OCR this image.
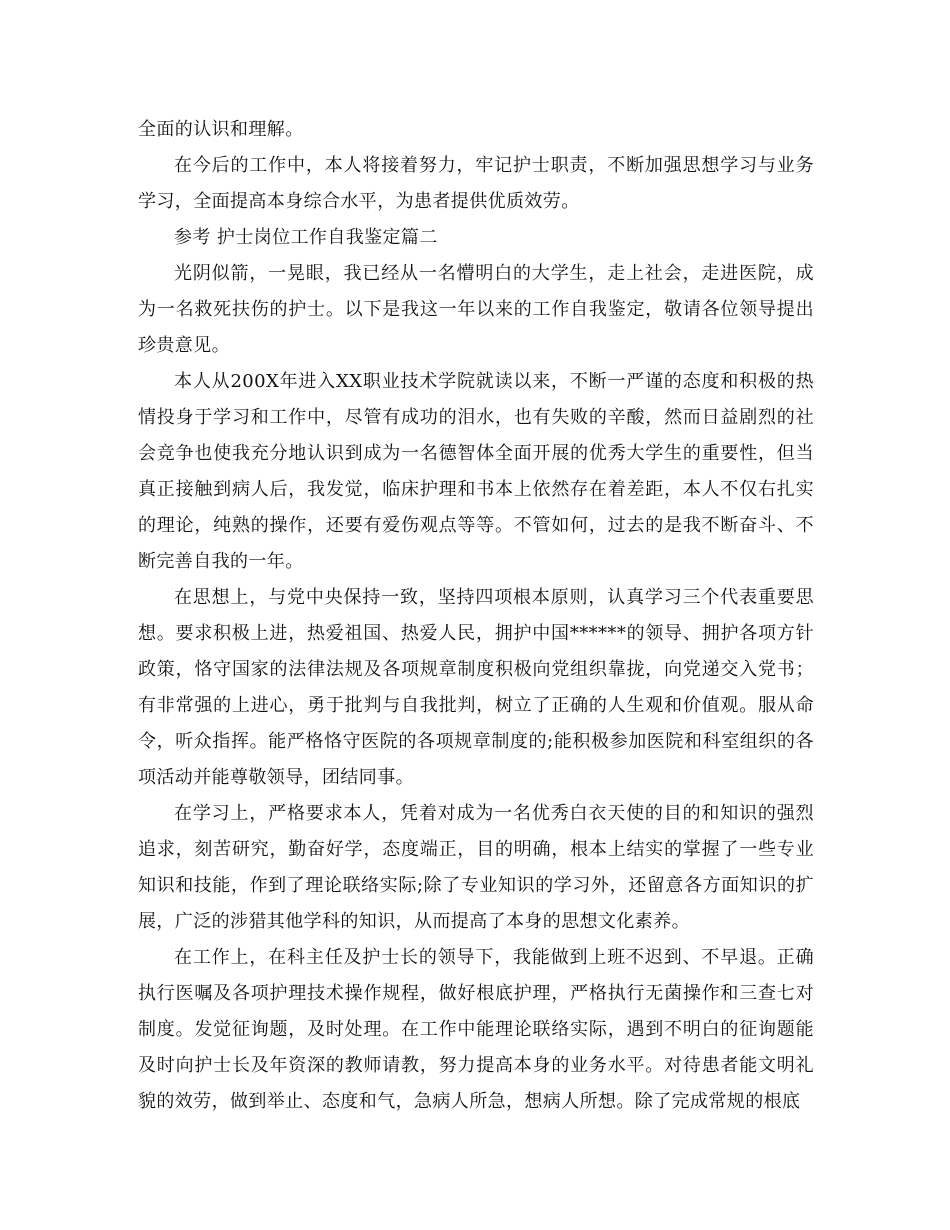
全面的认识和理解。

在今后的工作中，本人将接着努力，牢记护士职责，不断加强思想学习与业务学习，全面提高本身综合水平，为患者提供优质效劳。

参考 护士岗位工作自我鉴定篇二

光阴似箭，一晃眼，我已经从一名懵明白的大学生，走上社会，走进医院，成为一名救死扶伤的护士。以下是我这一年以来的工作自我鉴定，敬请各位领导提出珍贵意见。

本人从200X年进入XX职业技术学院就读以来，不断一严谨的态度和积极的热情投身于学习和工作中，尽管有成功的泪水，也有失败的辛酸，然而日益剧烈的社会竞争也使我充分地认识到成为一名德智体全面开展的优秀大学生的重要性，但当真正接触到病人后，我发觉，临床护理和书本上依然存在着差距，本人不仅右扎实的理论，纯熟的操作，还要有爱伤观点等等。不管如何，过去的是我不断奋斗、不断完善自我的一年。

在思想上，与党中央保持一致，坚持四项根本原则，认真学习三个代表重要思想。要求积极上进，热爱祖国、热爱人民，拥护中国******的领导、拥护各项方针政策，恪守国家的法律法规及各项规章制度积极向党组织靠拢，向党递交入党书；有非常强的上进心，勇于批判与自我批判，树立了正确的人生观和价值观。服从命令，听众指挥。能严格恪守医院的各项规章制度的;能积极参加医院和科室组织的各项活动并能尊敬领导，团结同事。

在学习上，严格要求本人，凭着对成为一名优秀白衣天使的目的和知识的强烈追求，刻苦研究，勤奋好学，态度端正，目的明确，根本上结实的掌握了一些专业知识和技能，作到了理论联络实际;除了专业知识的学习外，还留意各方面知识的扩展，广泛的涉猎其他学科的知识，从而提高了本身的思想文化素养。

在工作上，在科主任及护士长的领导下，我能做到上班不迟到、不早退。正确执行医嘱及各项护理技术操作规程，做好根底护理，严格执行无菌操作和三查七对制度。发觉征询题，及时处理。在工作中能理论联络实际，遇到不明白的征询题能及时向护士长及年资深的教师请教，努力提高本身的业务水平。对待患者能文明礼貌的效劳，做到举止、态度和气，急病人所急，想病人所想。除了完成常规的根底
